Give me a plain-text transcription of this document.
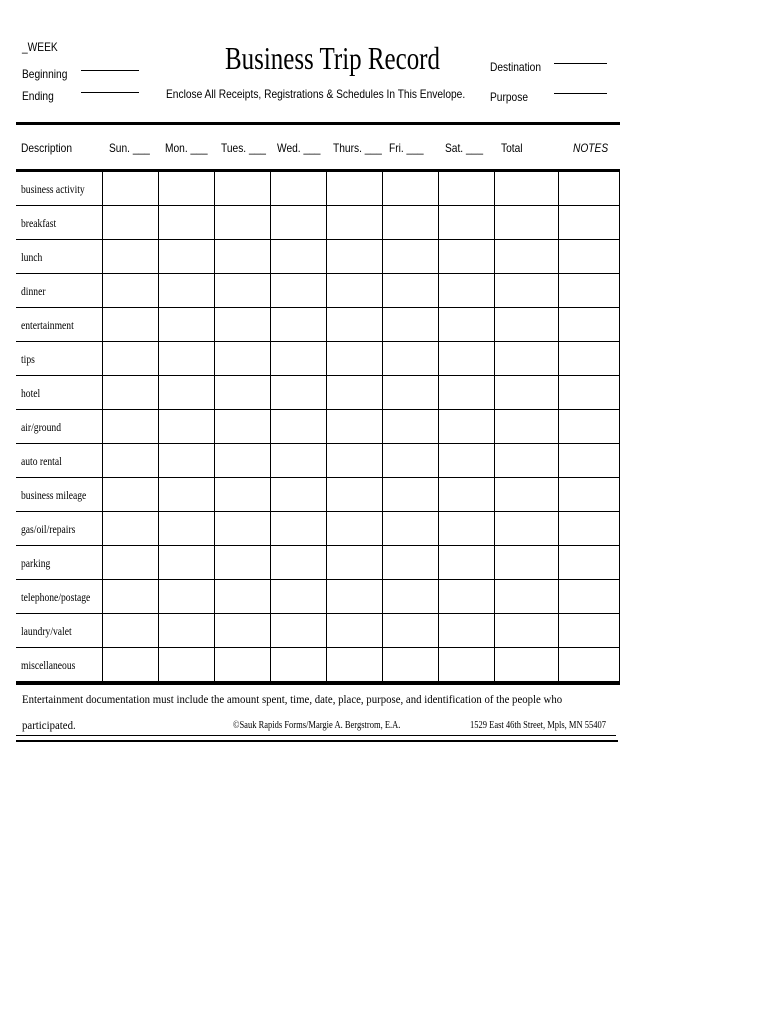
_WEEK
Beginning
Ending
Business Trip Record
Enclose All Receipts, Registrations & Schedules In This Envelope.
Destination
Purpose
Description	Sun. ___ Mon. ___ Tues. ___ Wed. ___ Thurs. ___ Fri. ___ Sat. ___ Total	NOTES
business activity
breakfast
lunch
dinner
entertainment
tips
hotel
air/ground
auto rental
business mileage
gas/oil/repairs
parking
telephone/postage
laundry/valet
miscellaneous
Entertainment documentation must include the amount spent, time, date, place, purpose, and identification of the people who
participated.	©Sauk Rapids Forms/Margie A. Bergstrom, E.A.	1529 East 46th Street, Mpls, MN 55407
